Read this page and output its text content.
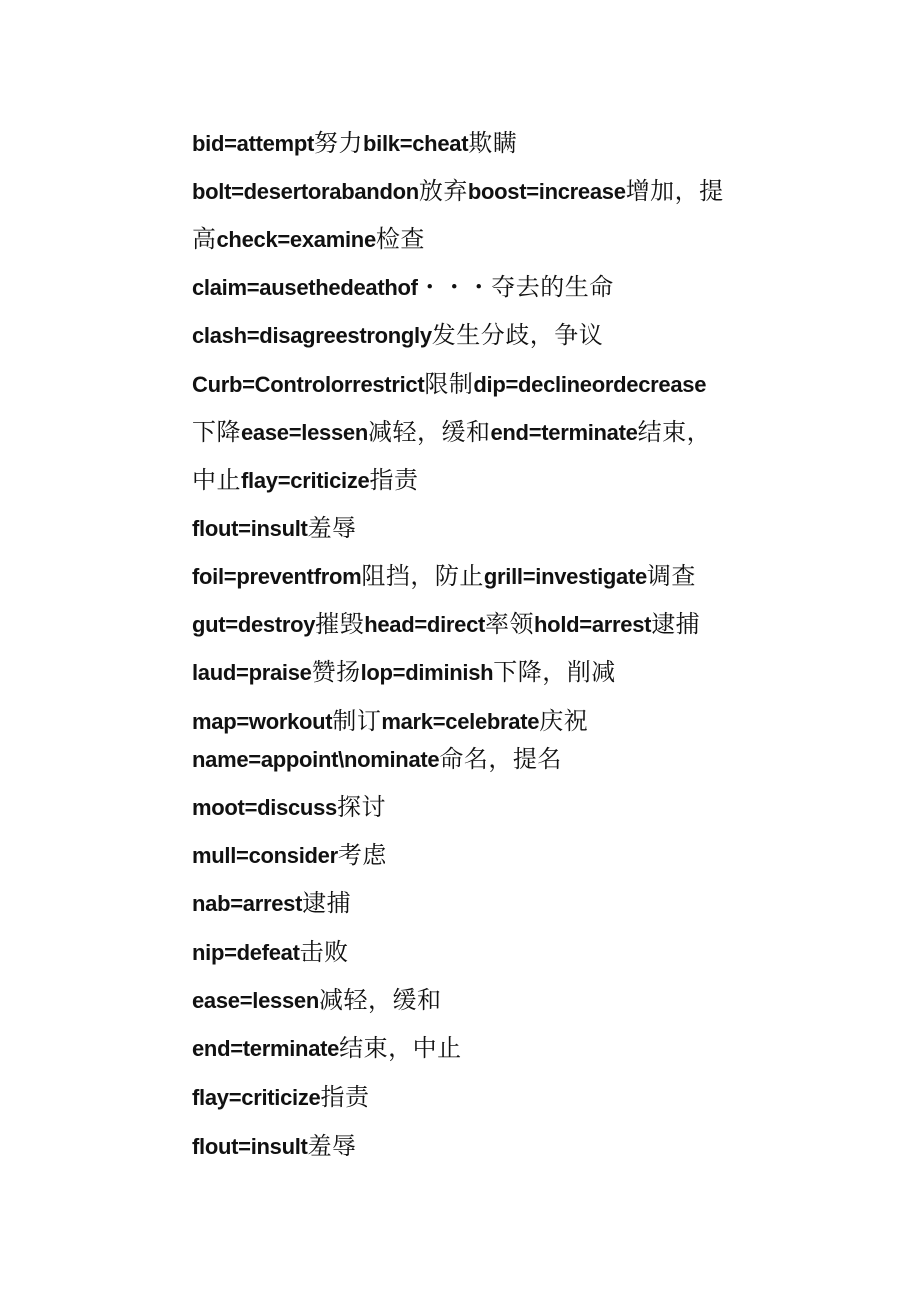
bid=attempt努力bilk=cheat欺瞒
bolt=desertorabandon放弃boost=increase增加，提
高check=examine检查
claim=ausethedeathof・・・夺去的生命
clash=disagreestrongly发生分歧，争议
Curb=Controlorrestrict限制dip=declineordecrease
下降ease=lessen减轻，缓和end=terminate结束，
中止flay=criticize指责
flout=insult羞辱
foil=preventfrom阻挡，防止grill=investigate调查
gut=destroy摧毁head=direct率领hold=arrest逮捕
laud=praise赞扬lop=diminish下降，削减
map=workout制订mark=celebrate庆祝
name=appoint\nominate命名，提名
moot=discuss探讨
mull=consider考虑
nab=arrest逮捕
nip=defeat击败
ease=lessen减轻，缓和
end=terminate结束，中止
flay=criticize指责
flout=insult羞辱
